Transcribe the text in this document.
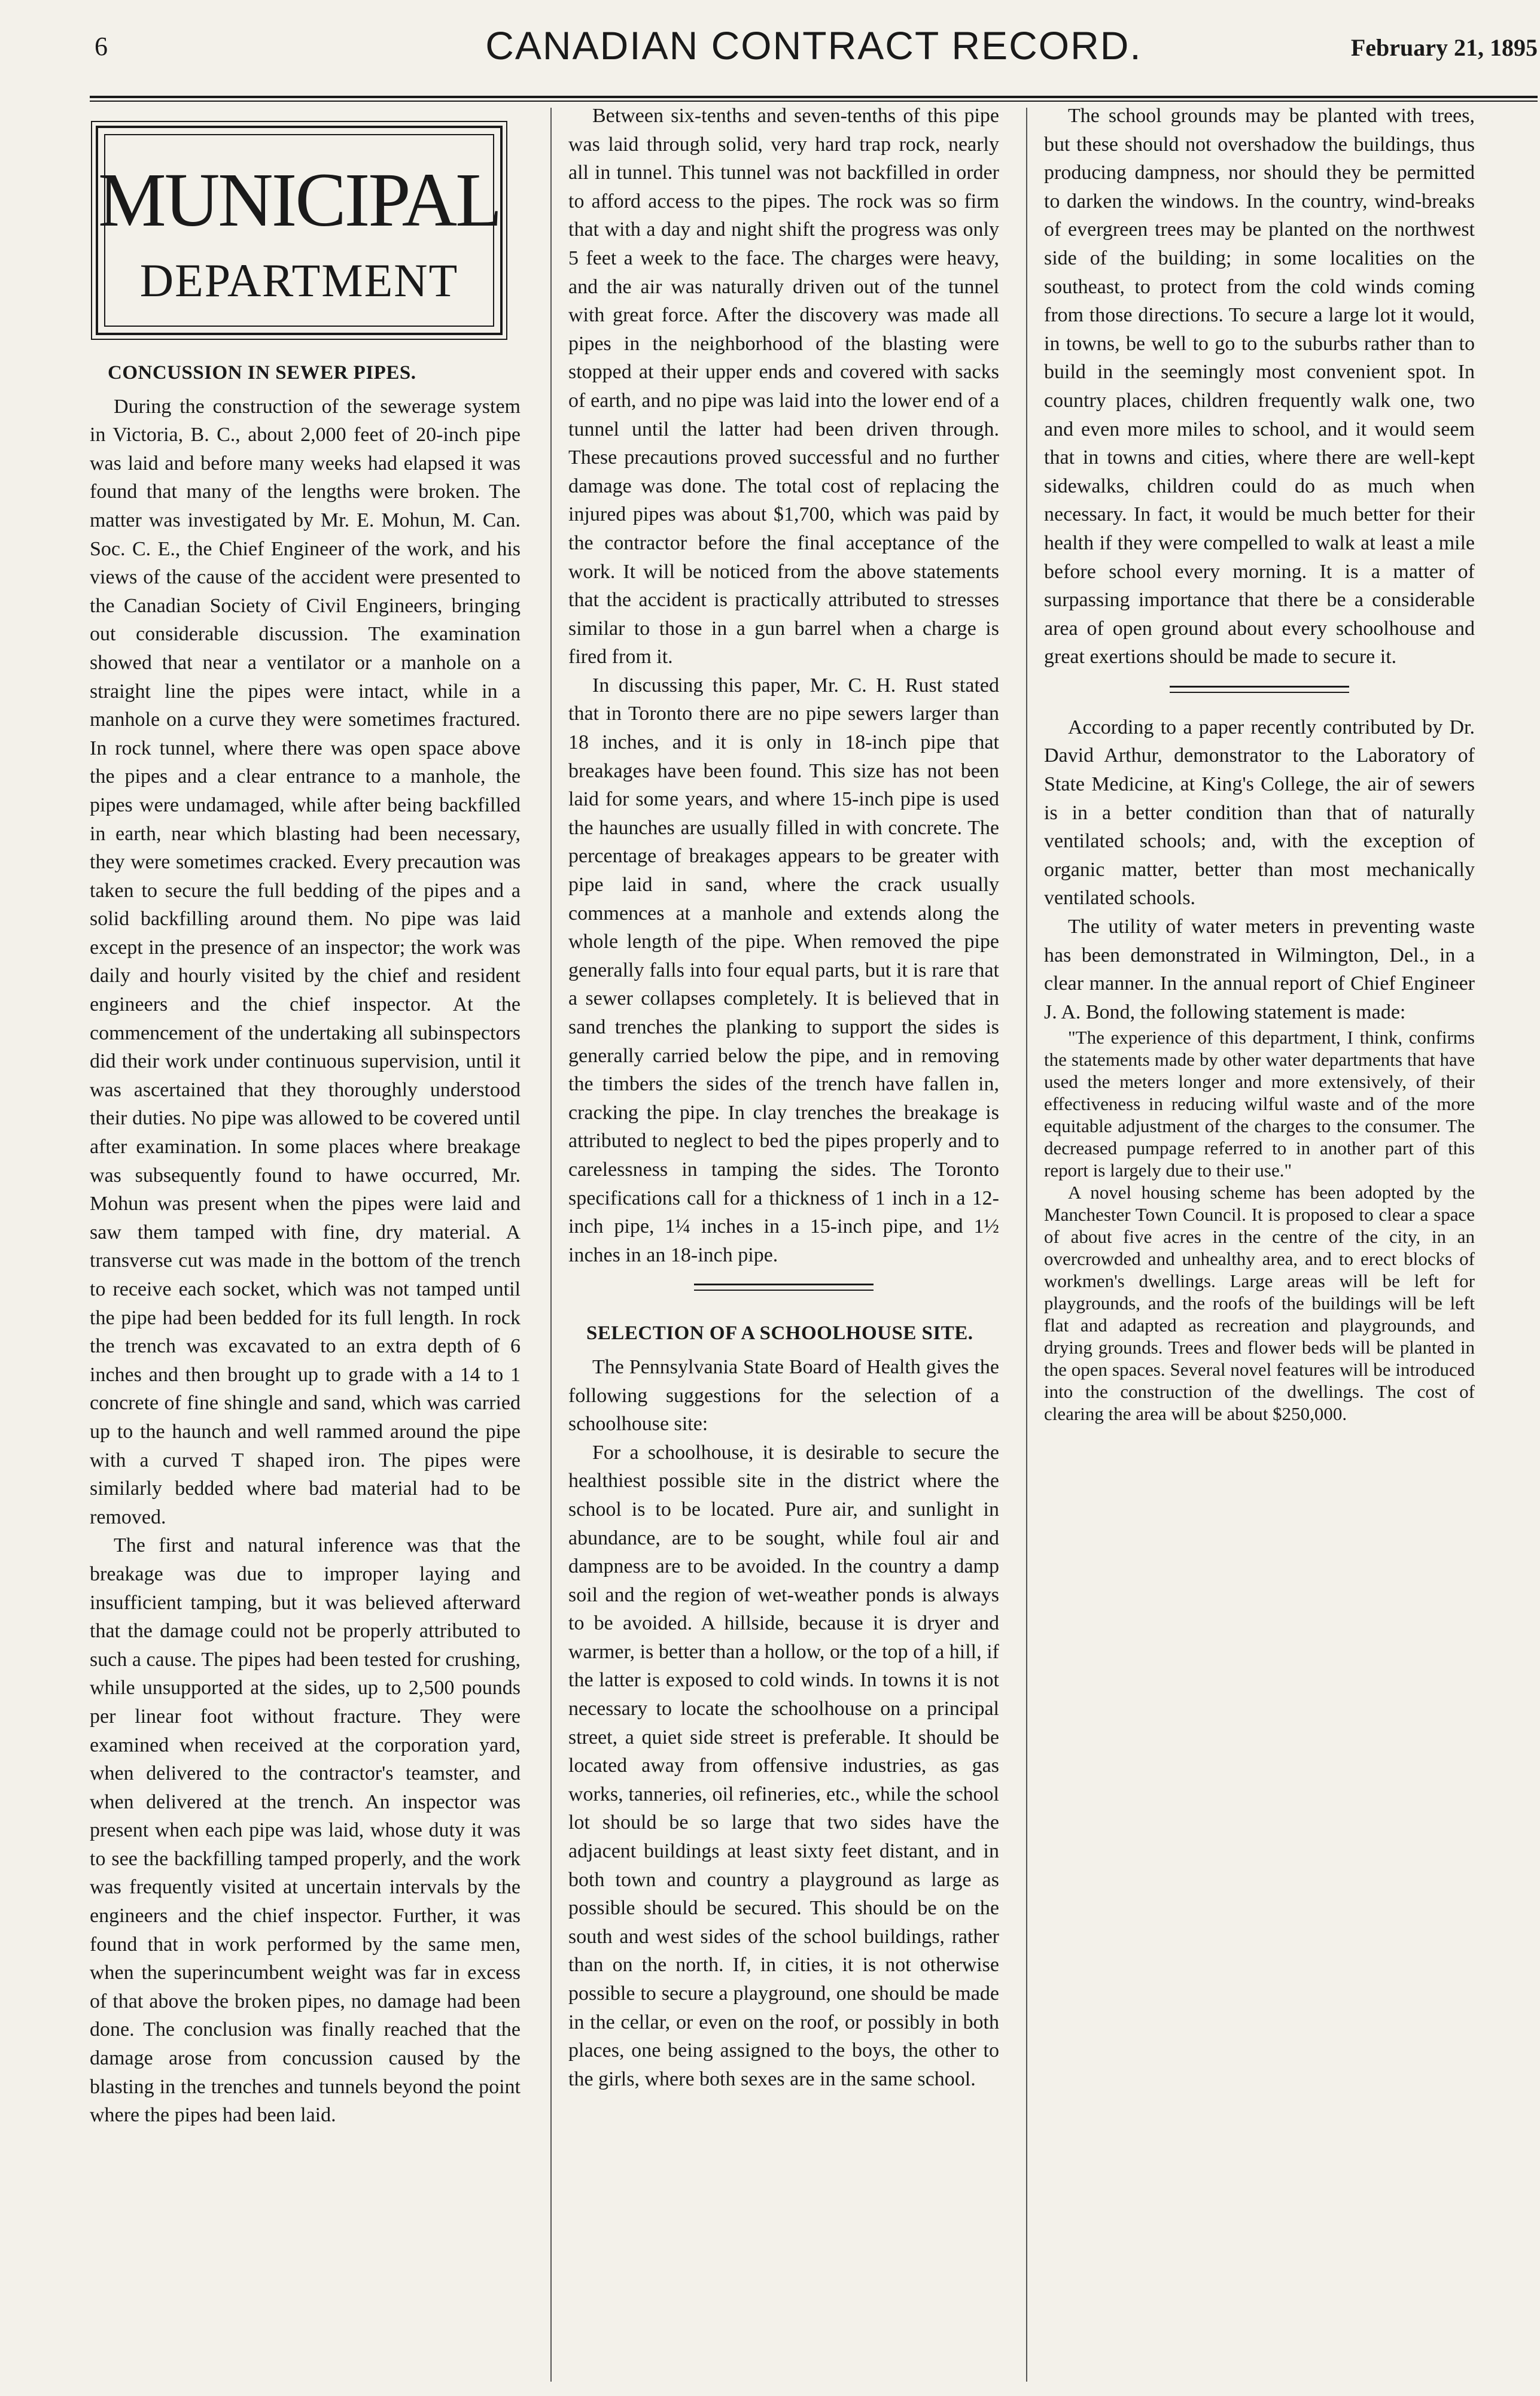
6	CANADIAN CONTRACT RECORD.	February 21, 1895
MUNICIPAL
DEPARTMENT
CONCUSSION IN SEWER PIPES.

During the construction of the sewerage system in Victoria, B. C., about 2,000 feet of 20-inch pipe was laid and before many weeks had elapsed it was found that many of the lengths were broken. The matter was investigated by Mr. E. Mohun, M. Can. Soc. C. E., the Chief Engineer of the work, and his views of the cause of the accident were presented to the Canadian Society of Civil Engineers, bringing out considerable discussion. The examination showed that near a ventilator or a manhole on a straight line the pipes were intact, while in a manhole on a curve they were sometimes fractured. In rock tunnel, where there was open space above the pipes and a clear entrance to a manhole, the pipes were undamaged, while after being backfilled in earth, near which blasting had been necessary, they were sometimes cracked. Every precaution was taken to secure the full bedding of the pipes and a solid backfilling around them. No pipe was laid except in the presence of an inspector; the work was daily and hourly visited by the chief and resident engineers and the chief inspector. At the commencement of the undertaking all subinspectors did their work under continuous supervision, until it was ascertained that they thoroughly understood their duties. No pipe was allowed to be covered until after examination. In some places where breakage was subsequently found to hawe occurred, Mr. Mohun was present when the pipes were laid and saw them tamped with fine, dry material. A transverse cut was made in the bottom of the trench to receive each socket, which was not tamped until the pipe had been bedded for its full length. In rock the trench was excavated to an extra depth of 6 inches and then brought up to grade with a 14 to 1 concrete of fine shingle and sand, which was carried up to the haunch and well rammed around the pipe with a curved T shaped iron. The pipes were similarly bedded where bad material had to be removed.

The first and natural inference was that the breakage was due to improper laying and insufficient tamping, but it was believed afterward that the damage could not be properly attributed to such a cause. The pipes had been tested for crushing, while unsupported at the sides, up to 2,500 pounds per linear foot without fracture. They were examined when received at the corporation yard, when delivered to the contractor's teamster, and when delivered at the trench. An inspector was present when each pipe was laid, whose duty it was to see the backfilling tamped properly, and the work was frequently visited at uncertain intervals by the engineers and the chief inspector. Further, it was found that in work performed by the same men, when the superincumbent weight was far in excess of that above the broken pipes, no damage had been done. The conclusion was finally reached that the damage arose from concussion caused by the blasting in the trenches and tunnels beyond the point where the pipes had been laid.

Between six-tenths and seven-tenths of this pipe was laid through solid, very hard trap rock, nearly all in tunnel. This tunnel was not backfilled in order to afford access to the pipes. The rock was so firm that with a day and night shift the progress was only 5 feet a week to the face. The charges were heavy, and the air was naturally driven out of the tunnel with great force. After the discovery was made all pipes in the neighborhood of the blasting were stopped at their upper ends and covered with sacks of earth, and no pipe was laid into the lower end of a tunnel until the latter had been driven through. These precautions proved successful and no further damage was done. The total cost of replacing the injured pipes was about $1,700, which was paid by the contractor before the final acceptance of the work. It will be noticed from the above statements that the accident is practically attributed to stresses similar to those in a gun barrel when a charge is fired from it.

In discussing this paper, Mr. C. H. Rust stated that in Toronto there are no pipe sewers larger than 18 inches, and it is only in 18-inch pipe that breakages have been found. This size has not been laid for some years, and where 15-inch pipe is used the haunches are usually filled in with concrete. The percentage of breakages appears to be greater with pipe laid in sand, where the crack usually commences at a manhole and extends along the whole length of the pipe. When removed the pipe generally falls into four equal parts, but it is rare that a sewer collapses completely. It is believed that in sand trenches the planking to support the sides is generally carried below the pipe, and in removing the timbers the sides of the trench have fallen in, cracking the pipe. In clay trenches the breakage is attributed to neglect to bed the pipes properly and to carelessness in tamping the sides. The Toronto specifications call for a thickness of 1 inch in a 12-inch pipe, 1¼ inches in a 15-inch pipe, and 1½ inches in an 18-inch pipe.

SELECTION OF A SCHOOLHOUSE SITE.

The Pennsylvania State Board of Health gives the following suggestions for the selection of a schoolhouse site:

For a schoolhouse, it is desirable to secure the healthiest possible site in the district where the school is to be located. Pure air, and sunlight in abundance, are to be sought, while foul air and dampness are to be avoided. In the country a damp soil and the region of wet-weather ponds is always to be avoided. A hillside, because it is dryer and warmer, is better than a hollow, or the top of a hill, if the latter is exposed to cold winds. In towns it is not necessary to locate the schoolhouse on a principal street, a quiet side street is preferable. It should be located away from offensive industries, as gas works, tanneries, oil refineries, etc., while the school lot should be so large that two sides have the adjacent buildings at least sixty feet distant, and in both town and country a playground as large as possible should be secured. This should be on the south and west sides of the school buildings, rather than on the north. If, in cities, it is not otherwise possible to secure a playground, one should be made in the cellar, or even on the roof, or possibly in both places, one being assigned to the boys, the other to the girls, where both sexes are in the same school.

The school grounds may be planted with trees, but these should not overshadow the buildings, thus producing dampness, nor should they be permitted to darken the windows. In the country, wind-breaks of evergreen trees may be planted on the northwest side of the building; in some localities on the southeast, to protect from the cold winds coming from those directions. To secure a large lot it would, in towns, be well to go to the suburbs rather than to build in the seemingly most convenient spot. In country places, children frequently walk one, two and even more miles to school, and it would seem that in towns and cities, where there are well-kept sidewalks, children could do as much when necessary. In fact, it would be much better for their health if they were compelled to walk at least a mile before school every morning. It is a matter of surpassing importance that there be a considerable area of open ground about every schoolhouse and great exertions should be made to secure it.

According to a paper recently contributed by Dr. David Arthur, demonstrator to the Laboratory of State Medicine, at King's College, the air of sewers is in a better condition than that of naturally ventilated schools; and, with the exception of organic matter, better than most mechanically ventilated schools.

The utility of water meters in preventing waste has been demonstrated in Wilmington, Del., in a clear manner. In the annual report of Chief Engineer J. A. Bond, the following statement is made:

"The experience of this department, I think, confirms the statements made by other water departments that have used the meters longer and more extensively, of their effectiveness in reducing wilful waste and of the more equitable adjustment of the charges to the consumer. The decreased pumpage referred to in another part of this report is largely due to their use."

A novel housing scheme has been adopted by the Manchester Town Council. It is proposed to clear a space of about five acres in the centre of the city, in an overcrowded and unhealthy area, and to erect blocks of workmen's dwellings. Large areas will be left for playgrounds, and the roofs of the buildings will be left flat and adapted as recreation and playgrounds, and drying grounds. Trees and flower beds will be planted in the open spaces. Several novel features will be introduced into the construction of the dwellings. The cost of clearing the area will be about $250,000.
